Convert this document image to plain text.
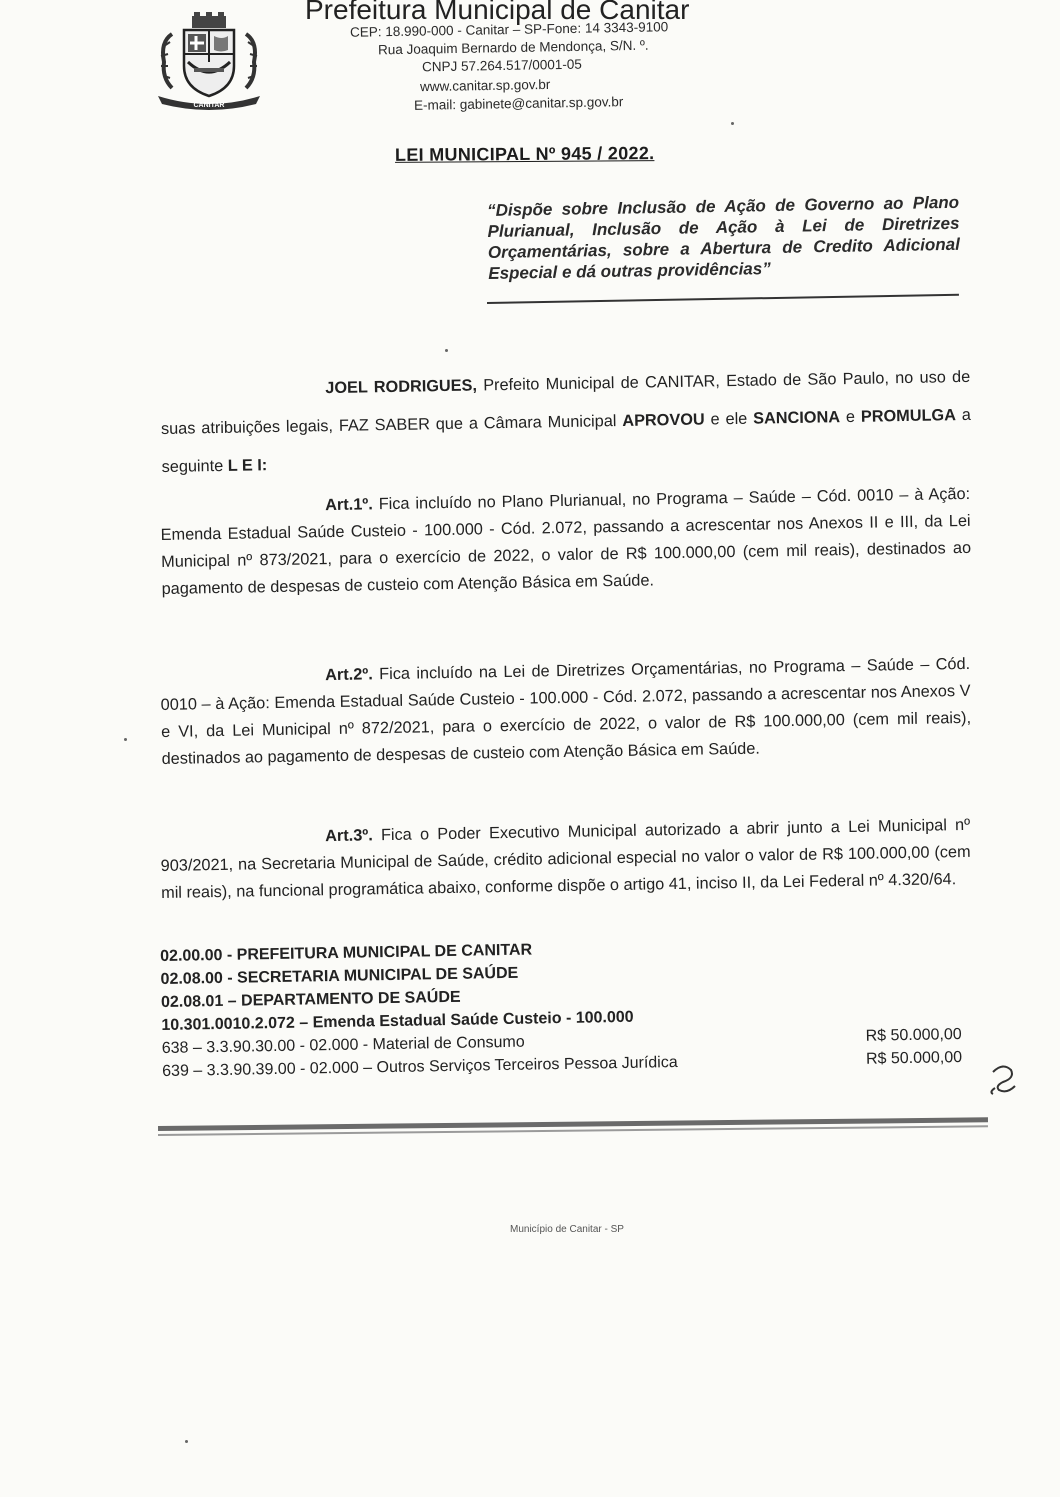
CANITAR
Prefeitura Municipal de Canitar
CEP: 18.990-000 - Canitar – SP-Fone: 14 3343-9100
Rua Joaquim Bernardo de Mendonça, S/N. º.
CNPJ 57.264.517/0001-05
www.canitar.sp.gov.br
E-mail: gabinete@canitar.sp.gov.br
LEI MUNICIPAL Nº 945 / 2022.
“Dispõe sobre Inclusão de Ação de Governo ao Plano Plurianual, Inclusão de Ação à Lei de Diretrizes Orçamentárias, sobre a Abertura de Credito Adicional Especial e dá outras providências”
JOEL RODRIGUES, Prefeito Municipal de CANITAR, Estado de São Paulo, no uso de suas atribuições legais, FAZ SABER que a Câmara Municipal APROVOU e ele SANCIONA e PROMULGA a seguinte L E I:
Art.1º. Fica incluído no Plano Plurianual, no Programa – Saúde – Cód. 0010 – à Ação: Emenda Estadual Saúde Custeio - 100.000 - Cód. 2.072, passando a acrescentar nos Anexos II e III, da Lei Municipal nº 873/2021, para o exercício de 2022, o valor de R$ 100.000,00 (cem mil reais), destinados ao pagamento de despesas de custeio com Atenção Básica em Saúde.
Art.2º. Fica incluído na Lei de Diretrizes Orçamentárias, no Programa – Saúde – Cód. 0010 – à Ação: Emenda Estadual Saúde Custeio - 100.000 - Cód. 2.072, passando a acrescentar nos Anexos V e VI, da Lei Municipal nº 872/2021, para o exercício de 2022, o valor de R$ 100.000,00 (cem mil reais), destinados ao pagamento de despesas de custeio com Atenção Básica em Saúde.
Art.3º. Fica o Poder Executivo Municipal autorizado a abrir junto a Lei Municipal nº 903/2021, na Secretaria Municipal de Saúde, crédito adicional especial no valor o valor de R$ 100.000,00 (cem mil reais), na funcional programática abaixo, conforme dispõe o artigo 41, inciso II, da Lei Federal nº 4.320/64.
02.00.00 - PREFEITURA MUNICIPAL DE CANITAR
02.08.00 - SECRETARIA MUNICIPAL DE SAÚDE
02.08.01 – DEPARTAMENTO DE SAÚDE
10.301.0010.2.072 – Emenda Estadual Saúde Custeio - 100.000
638 – 3.3.90.30.00 - 02.000 - Material de Consumo	R$ 50.000,00
639 – 3.3.90.39.00 - 02.000 – Outros Serviços Terceiros Pessoa Jurídica	R$ 50.000,00
Município de Canitar - SP
